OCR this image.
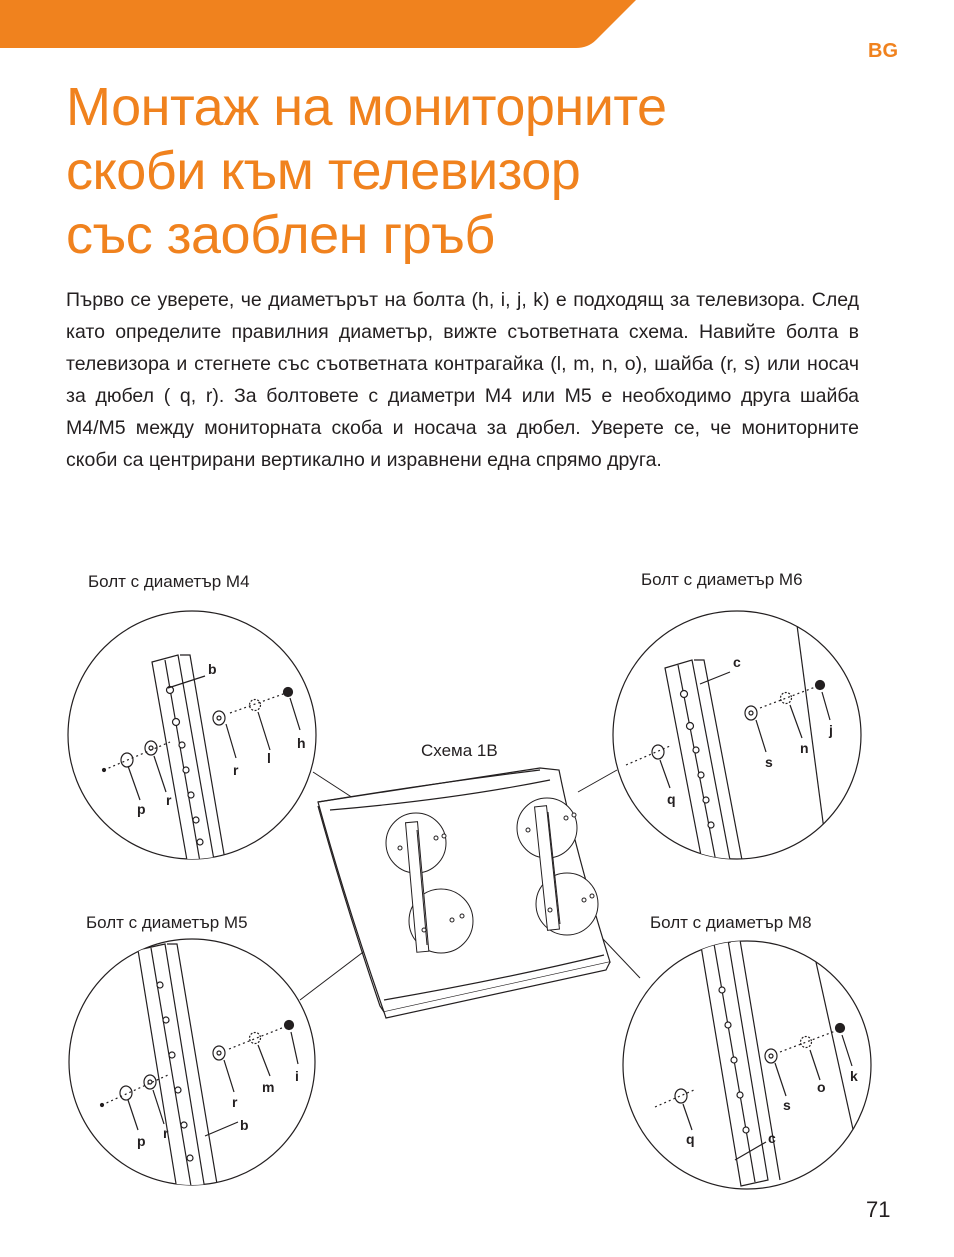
BG
Монтаж на мониторните
скоби към телевизор
със заоблен гръб

Първо се уверете, че диаметърът на болта (h, i, j, k) е подходящ за телевизора. След като определите правилния диаметър, вижте съответната схема. Навийте болта в телевизора и стегнете със съответната контрагайка (l, m, n, o), шайба (r, s) или носач за дюбел ( q, r). За болтовете с диаметри M4 или M5 е необходимо друга шайба M4/M5 между мониторната скоба и носача за дюбел. Уверете се, че мониторните скоби са центрирани вертикално и изравнени една спрямо друга.

Болт с диаметър M4	Болт с диаметър M6
Болт с диаметър M5	Болт с диаметър M8
Схема 1В
b
h
l
r
r
p
c
j
n
s
q
i
m
r
r
p
b
k
o
s
q	c
71
